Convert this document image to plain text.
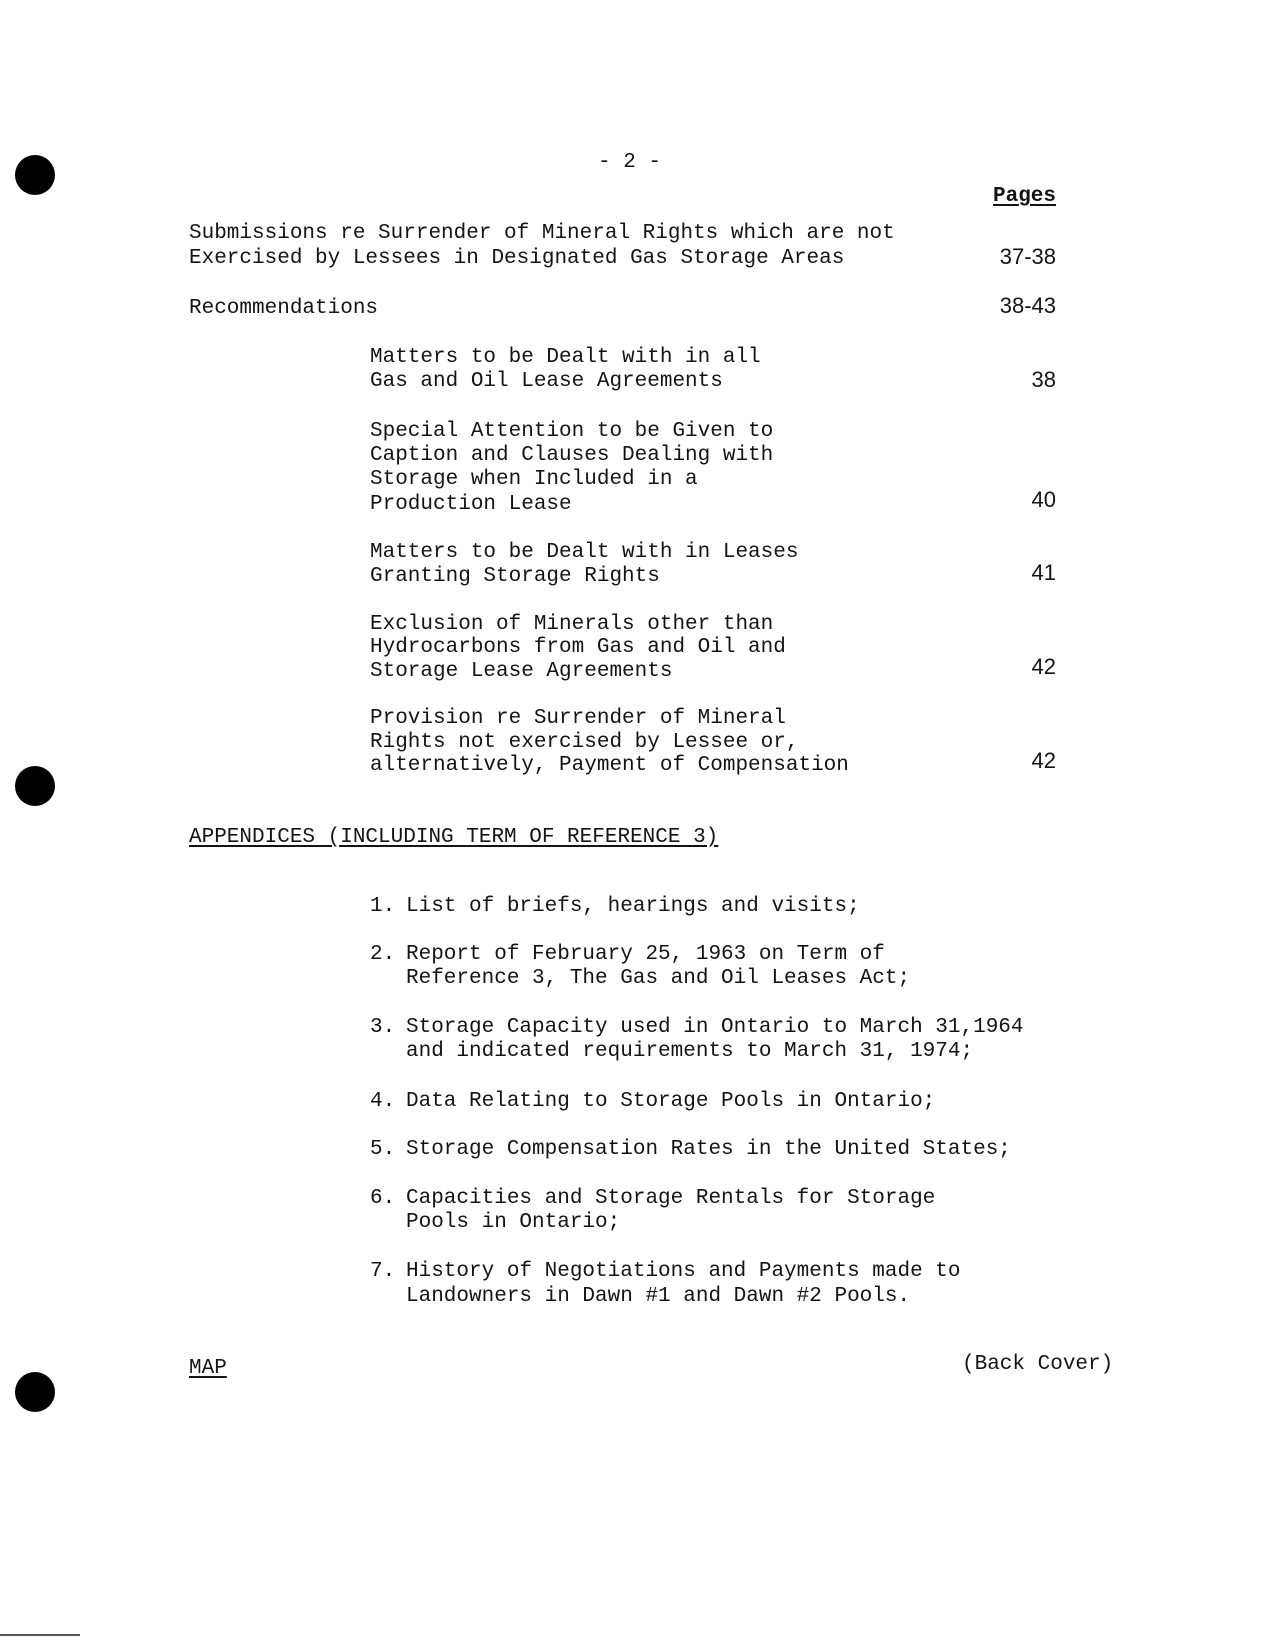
- 2 -
Pages
Submissions re Surrender of Mineral Rights which are not
Exercised by Lessees in Designated Gas Storage Areas	37-38
Recommendations	38-43
Matters to be Dealt with in all
Gas and Oil Lease Agreements	38
Special Attention to be Given to
Caption and Clauses Dealing with
Storage when Included in a
Production Lease	40
Matters to be Dealt with in Leases
Granting Storage Rights	41
Exclusion of Minerals other than
Hydrocarbons from Gas and Oil and
Storage Lease Agreements	42
Provision re Surrender of Mineral
Rights not exercised by Lessee or,
alternatively, Payment of Compensation	42
APPENDICES (INCLUDING TERM OF REFERENCE 3)
1. List of briefs, hearings and visits;
2. Report of February 25, 1963 on Term of
Reference 3, The Gas and Oil Leases Act;
3. Storage Capacity used in Ontario to March 31,1964
and indicated requirements to March 31, 1974;
4. Data Relating to Storage Pools in Ontario;
5. Storage Compensation Rates in the United States;
6. Capacities and Storage Rentals for Storage
Pools in Ontario;
7. History of Negotiations and Payments made to
Landowners in Dawn #1 and Dawn #2 Pools.
MAP	(Back Cover)
